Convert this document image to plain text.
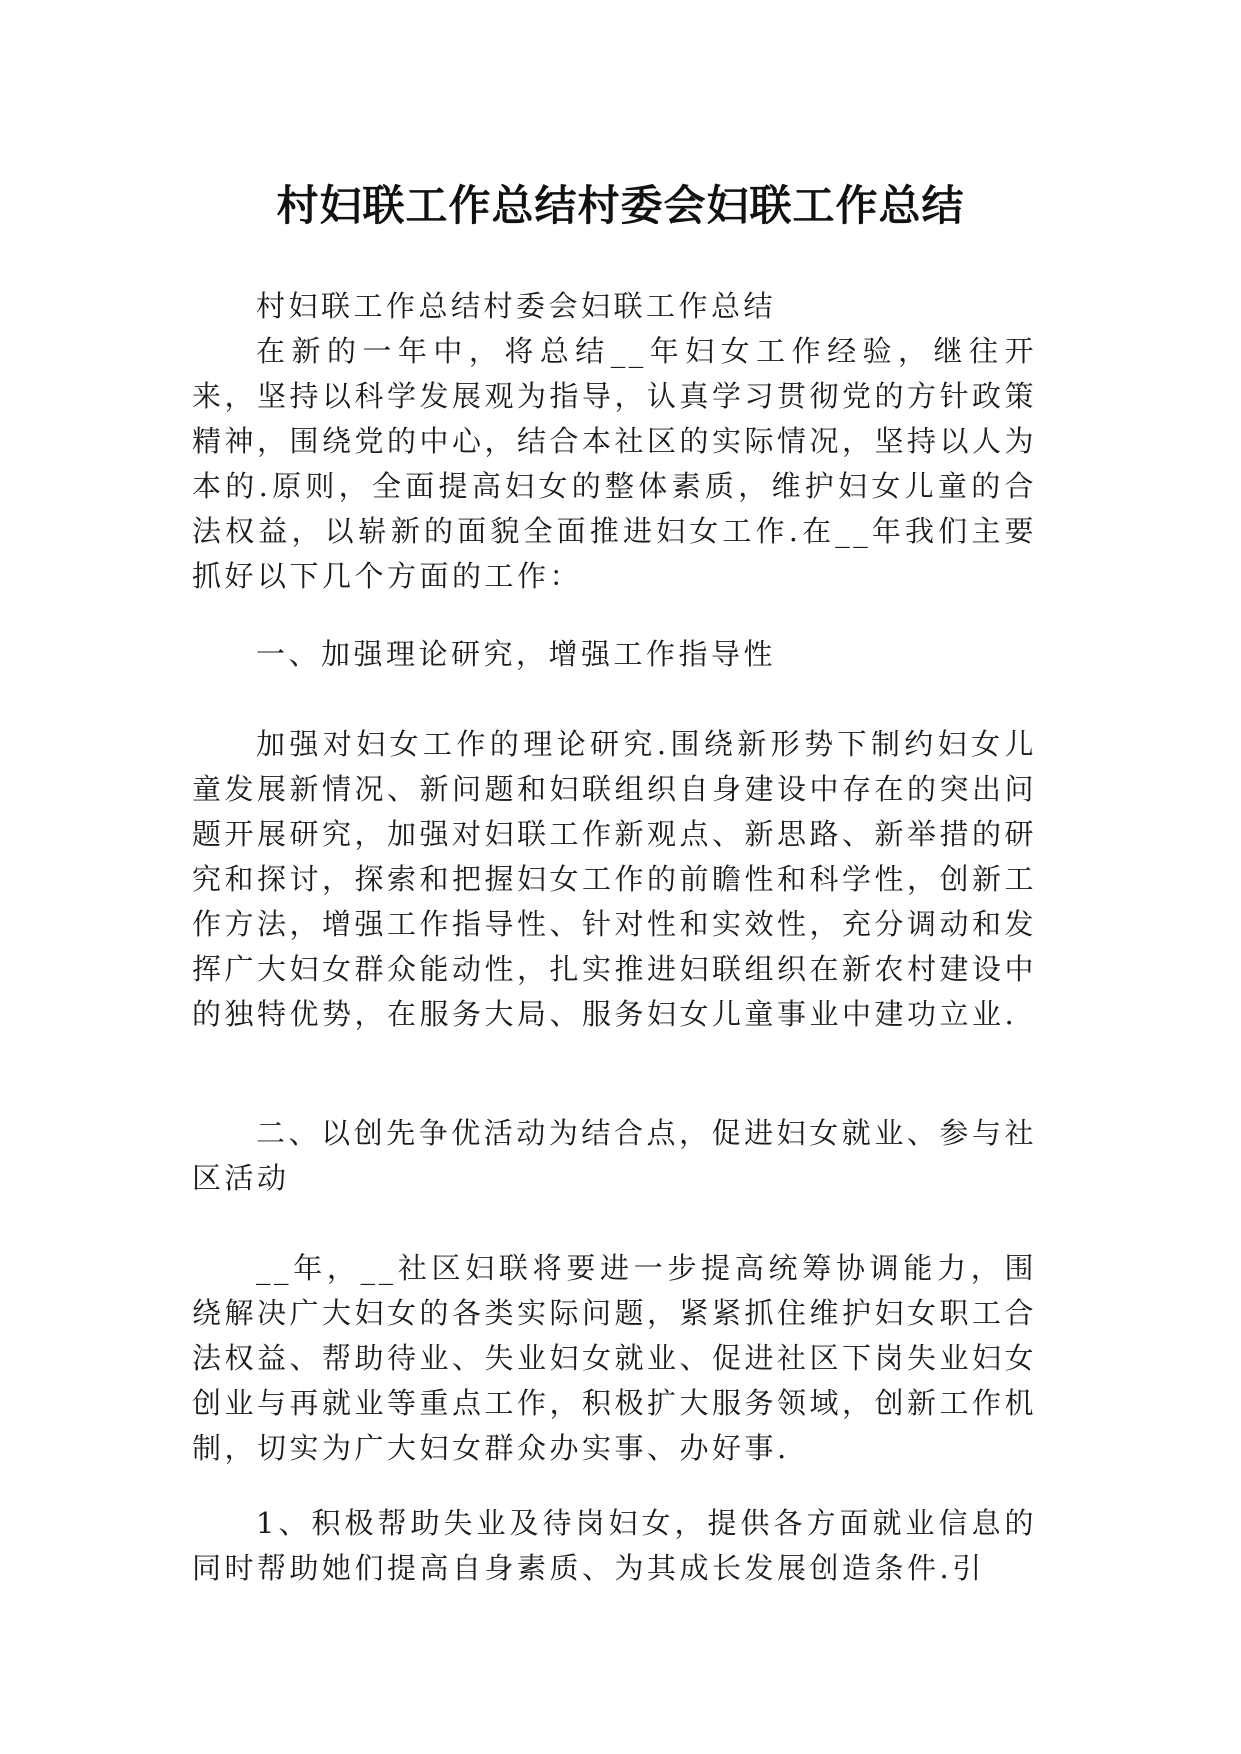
村妇联工作总结村委会妇联工作总结

村妇联工作总结村委会妇联工作总结

在新的一年中，将总结__年妇女工作经验，继往开来，坚持以科学发展观为指导，认真学习贯彻党的方针政策精神，围绕党的中心，结合本社区的实际情况，坚持以人为本的.原则，全面提高妇女的整体素质，维护妇女儿童的合法权益，以崭新的面貌全面推进妇女工作.在__年我们主要抓好以下几个方面的工作：

一、加强理论研究，增强工作指导性

加强对妇女工作的理论研究.围绕新形势下制约妇女儿童发展新情况、新问题和妇联组织自身建设中存在的突出问题开展研究，加强对妇联工作新观点、新思路、新举措的研究和探讨，探索和把握妇女工作的前瞻性和科学性，创新工作方法，增强工作指导性、针对性和实效性，充分调动和发挥广大妇女群众能动性，扎实推进妇联组织在新农村建设中的独特优势，在服务大局、服务妇女儿童事业中建功立业.

二、以创先争优活动为结合点，促进妇女就业、参与社区活动

__年，__社区妇联将要进一步提高统筹协调能力，围绕解决广大妇女的各类实际问题，紧紧抓住维护妇女职工合法权益、帮助待业、失业妇女就业、促进社区下岗失业妇女创业与再就业等重点工作，积极扩大服务领域，创新工作机制，切实为广大妇女群众办实事、办好事.

1、积极帮助失业及待岗妇女，提供各方面就业信息的同时帮助她们提高自身素质、为其成长发展创造条件.引
